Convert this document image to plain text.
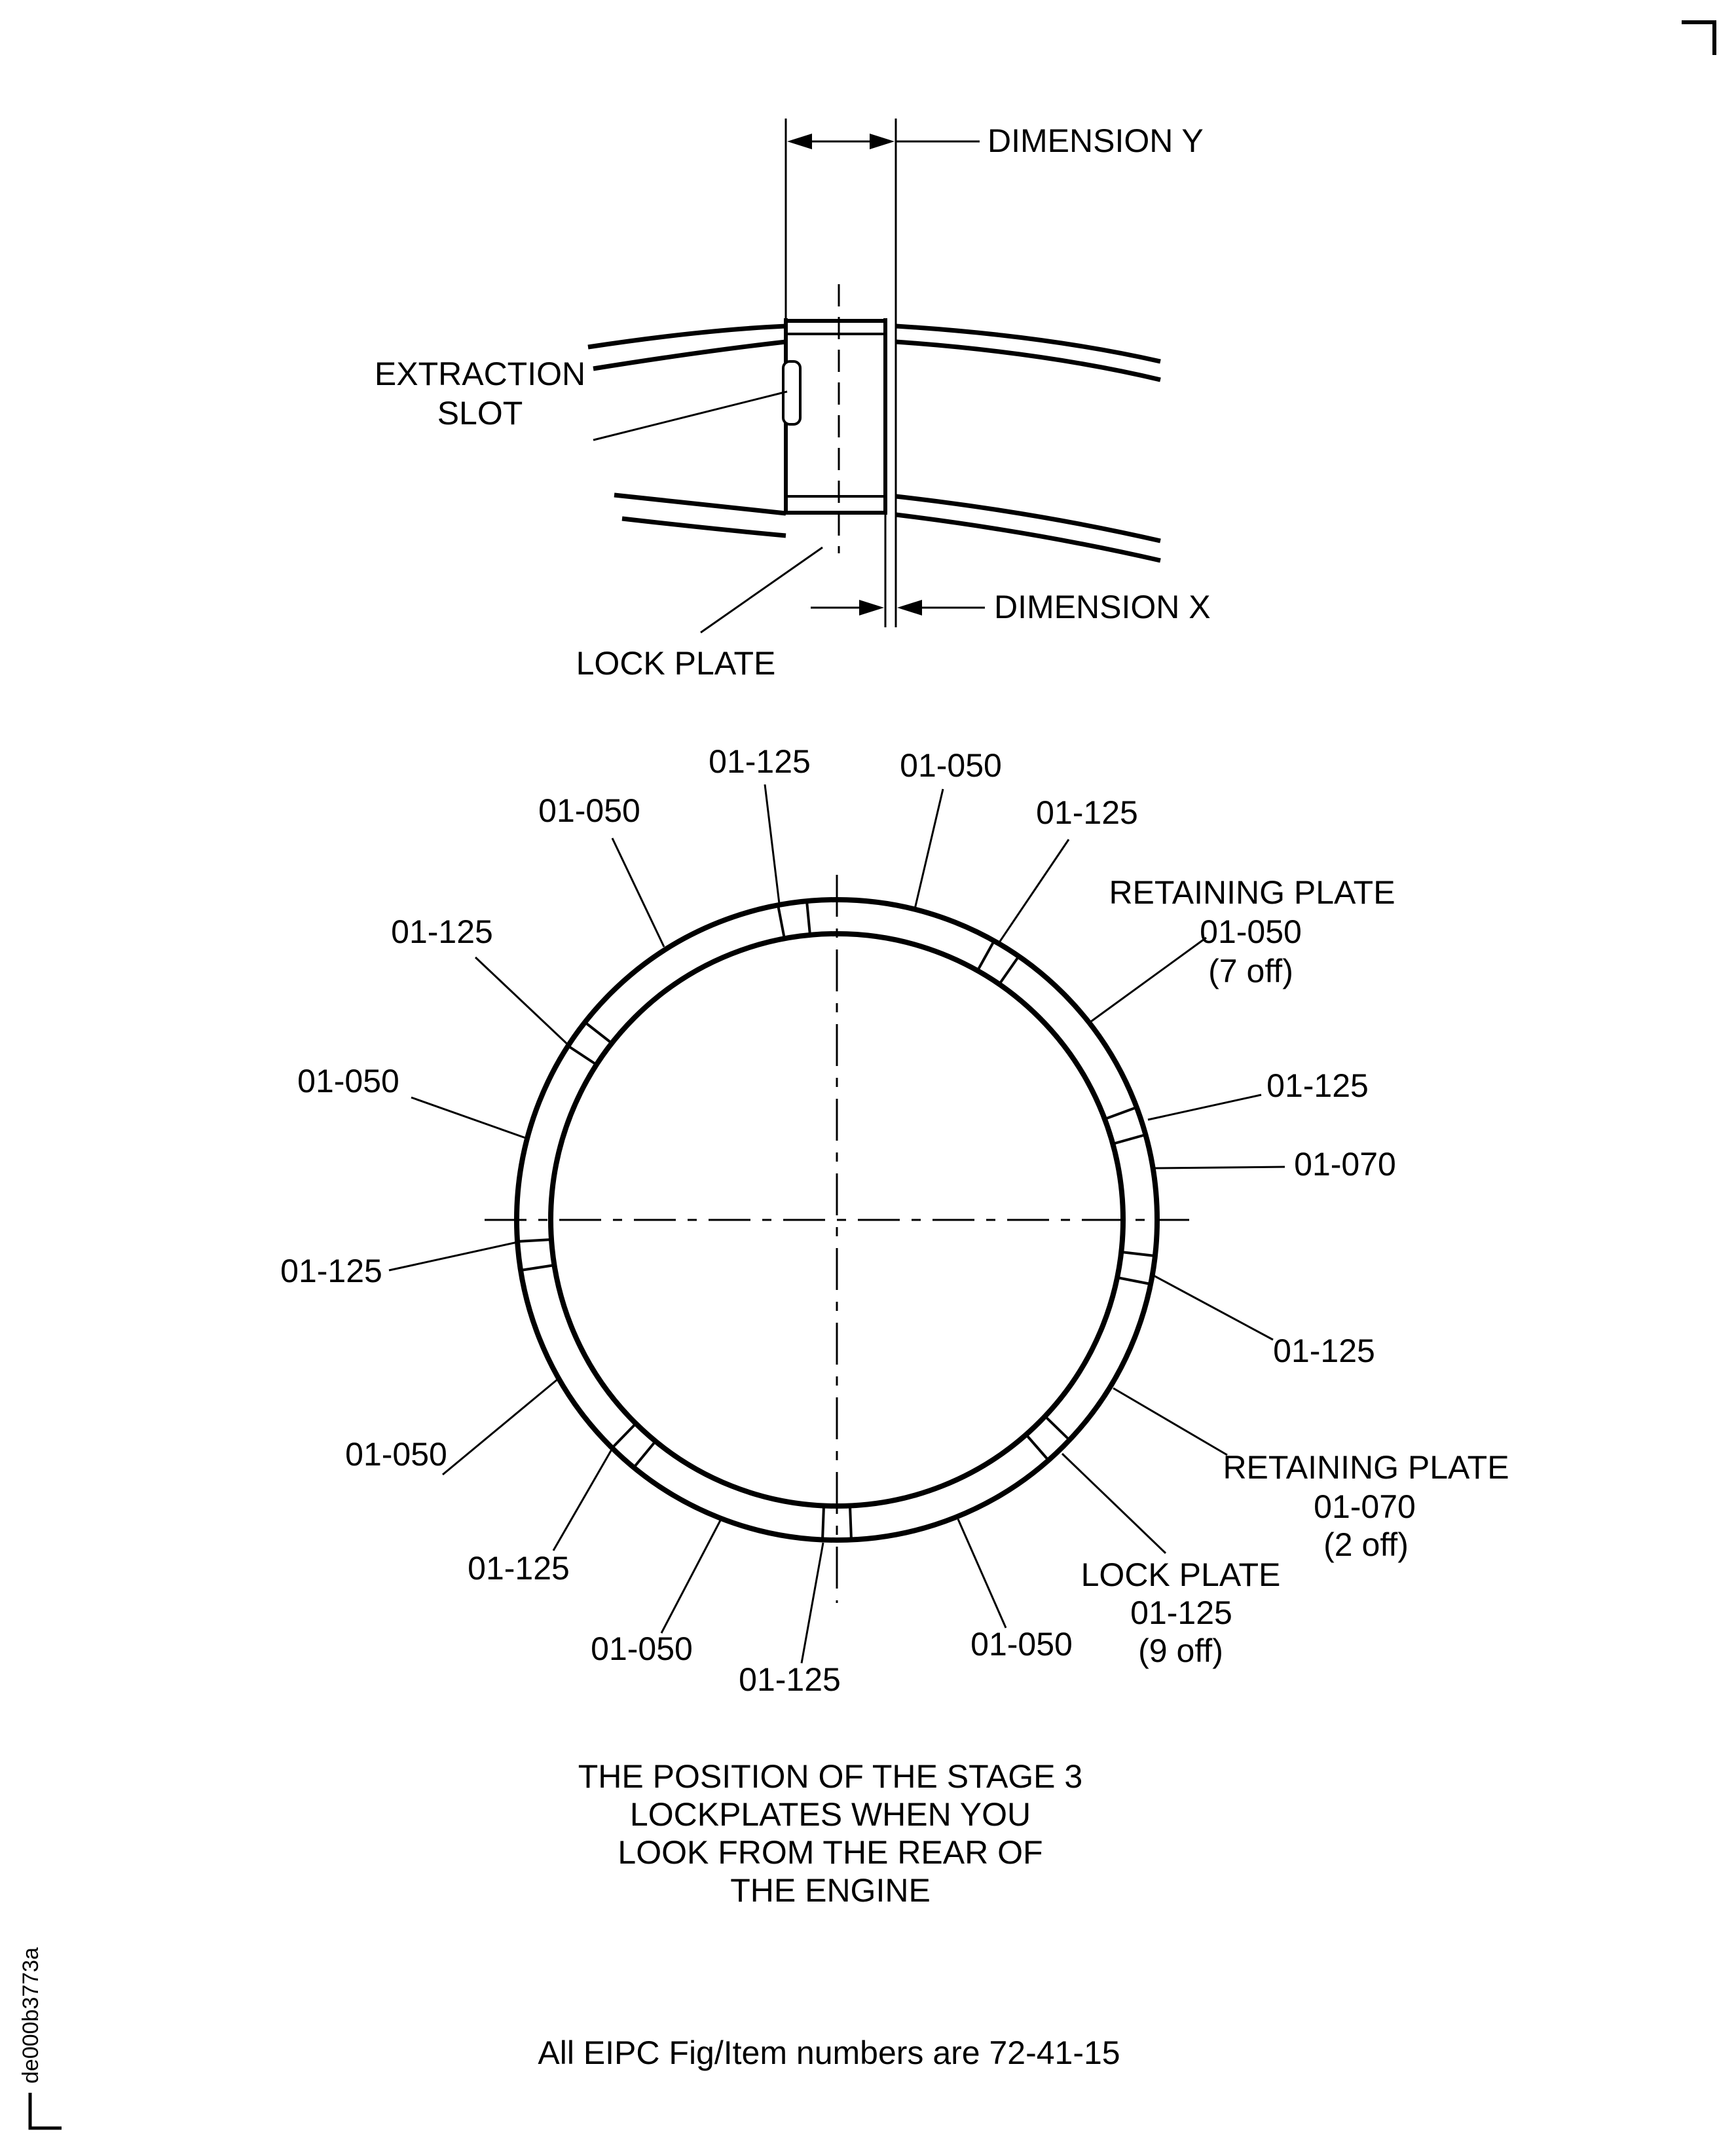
DIMENSION Y
DIMENSION X
EXTRACTION
SLOT
LOCK PLATE
01-125	01-050
01-050	01-125
01-125
01-050	01-125
01-070
01-125
01-125
01-050
01-125
01-050
01-125
01-050
RETAINING PLATE
01-050
(7 off)
RETAINING PLATE
01-070
(2 off)
LOCK PLATE
01-125
(9 off)
THE POSITION OF THE STAGE 3
LOCKPLATES WHEN YOU
LOOK FROM THE REAR OF
THE ENGINE
All EIPC Fig/Item numbers are 72-41-15
de000b3773a
